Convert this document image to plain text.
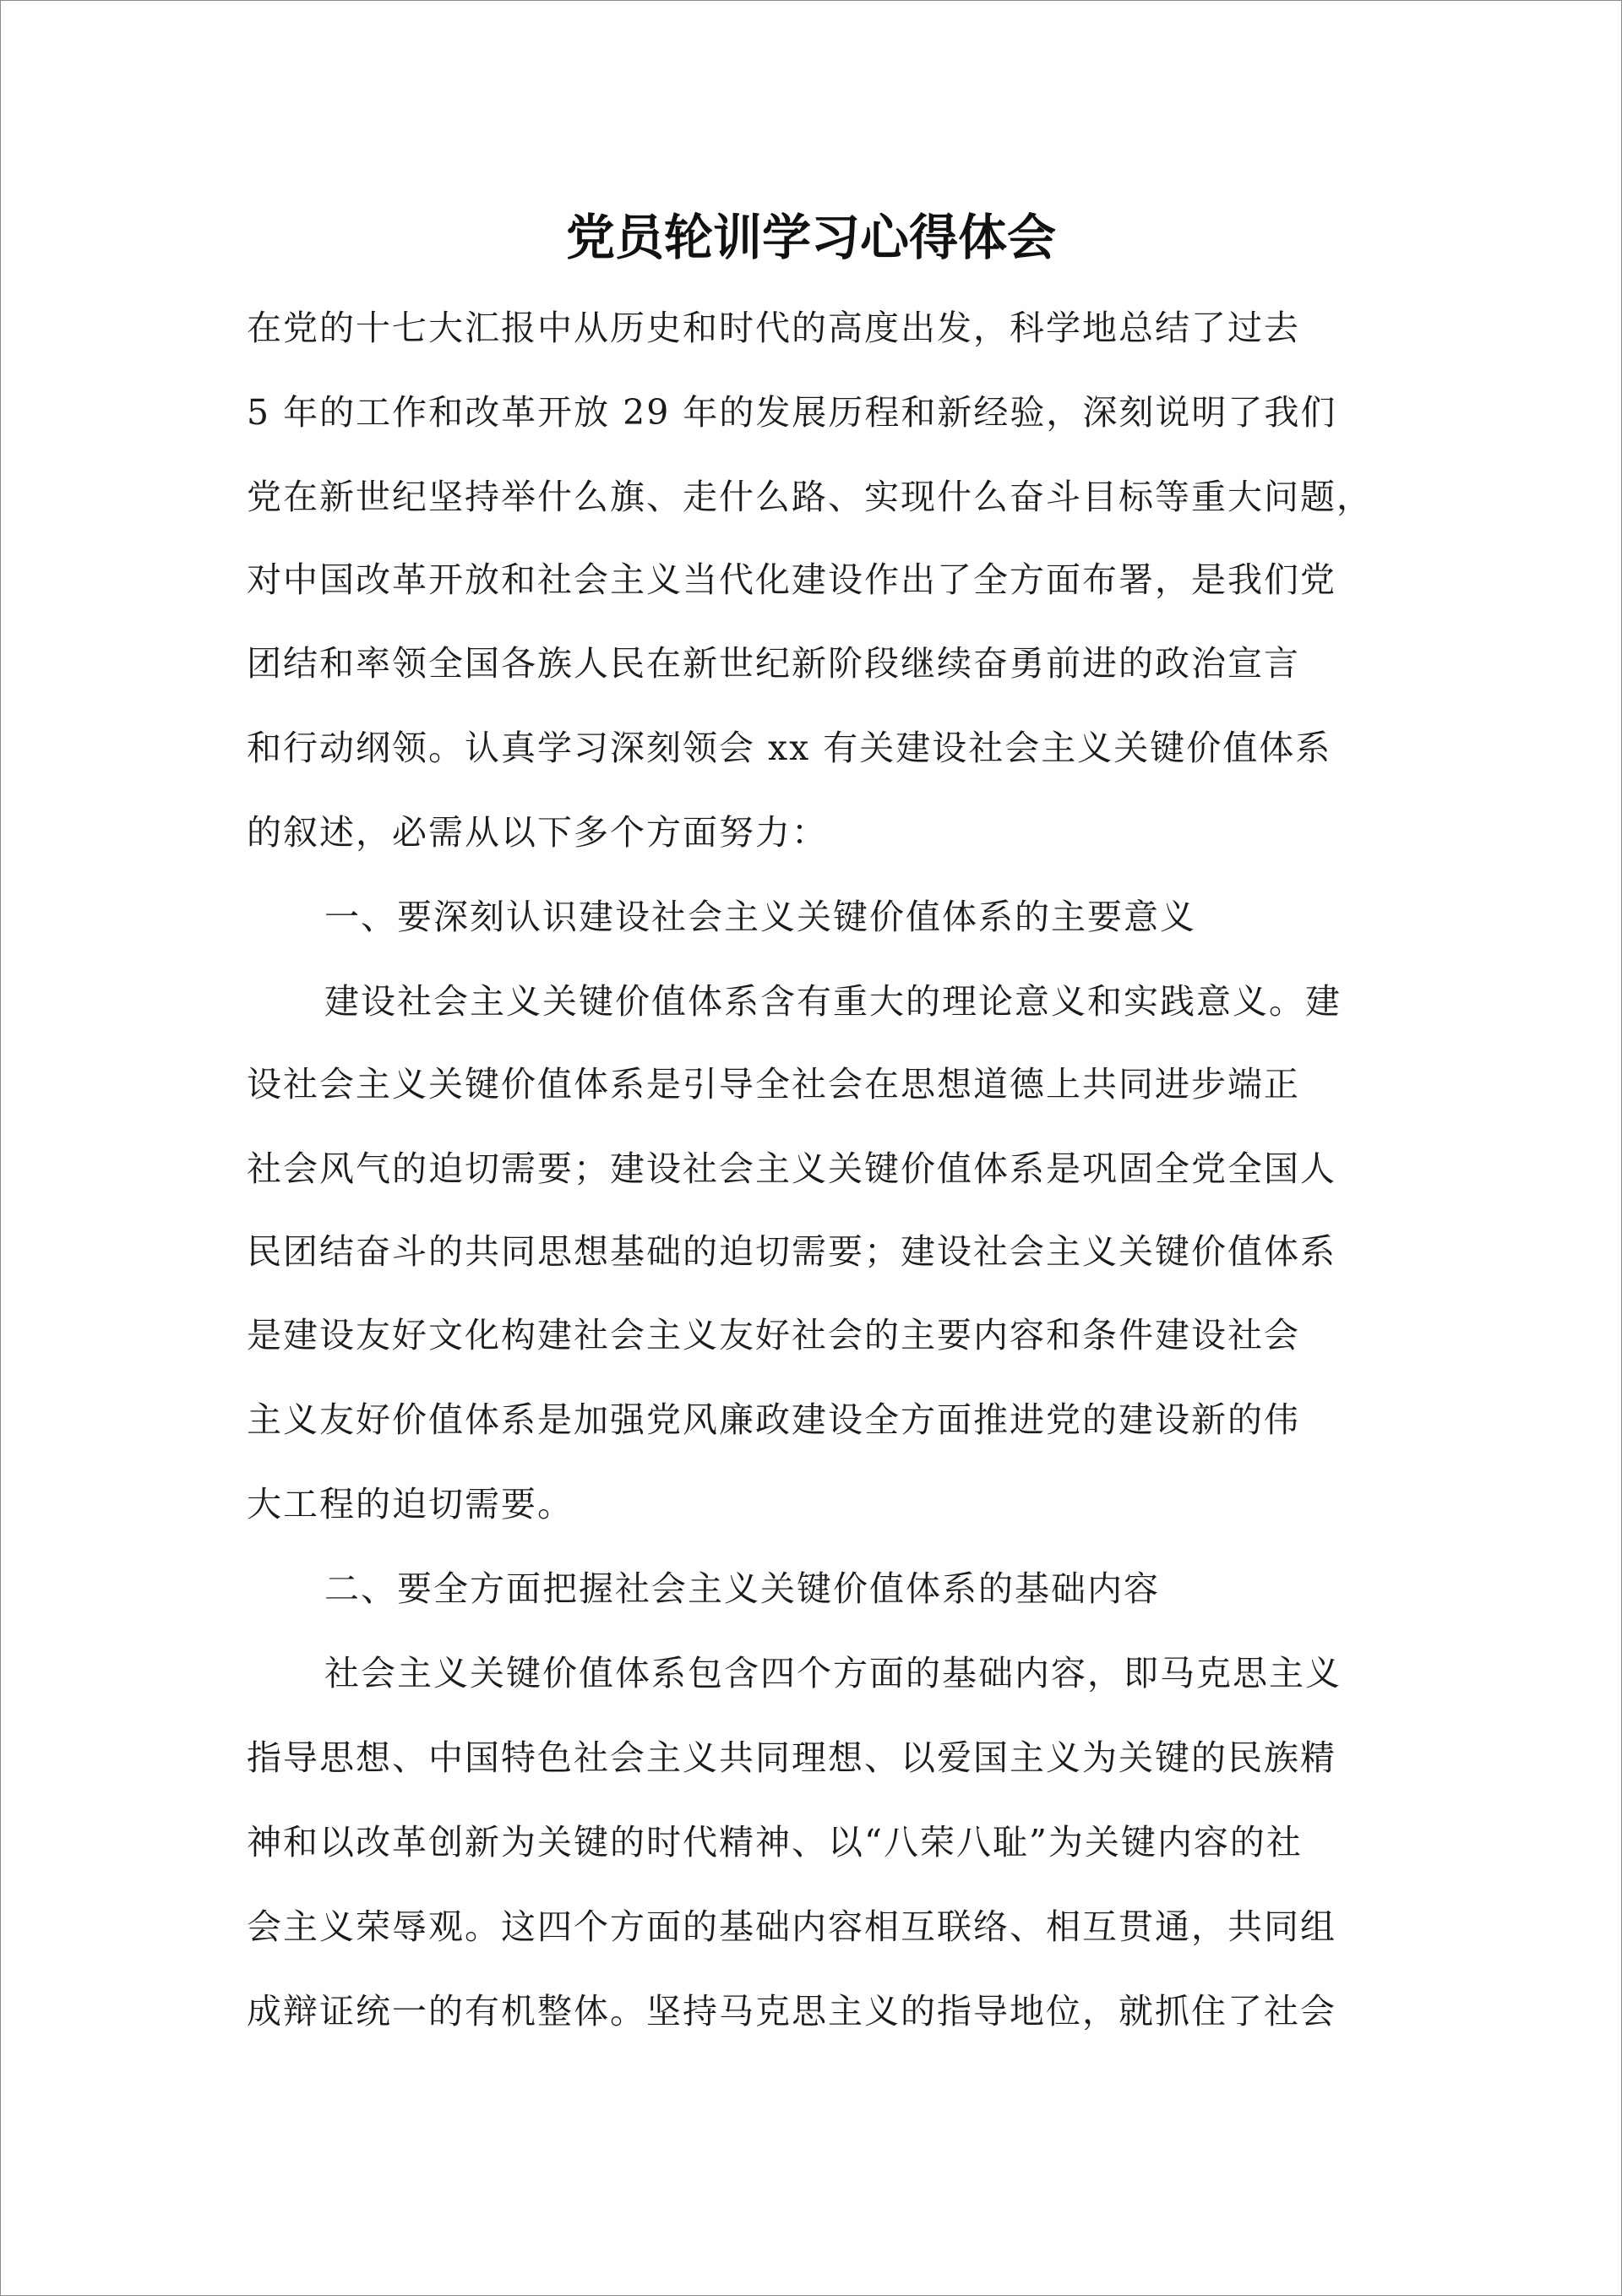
党员轮训学习心得体会
在党的十七大汇报中从历史和时代的高度出发，科学地总结了过去
5 年的工作和改革开放 29 年的发展历程和新经验，深刻说明了我们
党在新世纪坚持举什么旗、走什么路、实现什么奋斗目标等重大问题，
对中国改革开放和社会主义当代化建设作出了全方面布署，是我们党
团结和率领全国各族人民在新世纪新阶段继续奋勇前进的政治宣言
和行动纲领。认真学习深刻领会 xx 有关建设社会主义关键价值体系
的叙述，必需从以下多个方面努力：
一、要深刻认识建设社会主义关键价值体系的主要意义
建设社会主义关键价值体系含有重大的理论意义和实践意义。建
设社会主义关键价值体系是引导全社会在思想道德上共同进步端正
社会风气的迫切需要；建设社会主义关键价值体系是巩固全党全国人
民团结奋斗的共同思想基础的迫切需要；建设社会主义关键价值体系
是建设友好文化构建社会主义友好社会的主要内容和条件建设社会
主义友好价值体系是加强党风廉政建设全方面推进党的建设新的伟
大工程的迫切需要。
二、要全方面把握社会主义关键价值体系的基础内容
社会主义关键价值体系包含四个方面的基础内容，即马克思主义
指导思想、中国特色社会主义共同理想、以爱国主义为关键的民族精
神和以改革创新为关键的时代精神、以“八荣八耻”为关键内容的社
会主义荣辱观。这四个方面的基础内容相互联络、相互贯通，共同组
成辩证统一的有机整体。坚持马克思主义的指导地位，就抓住了社会
